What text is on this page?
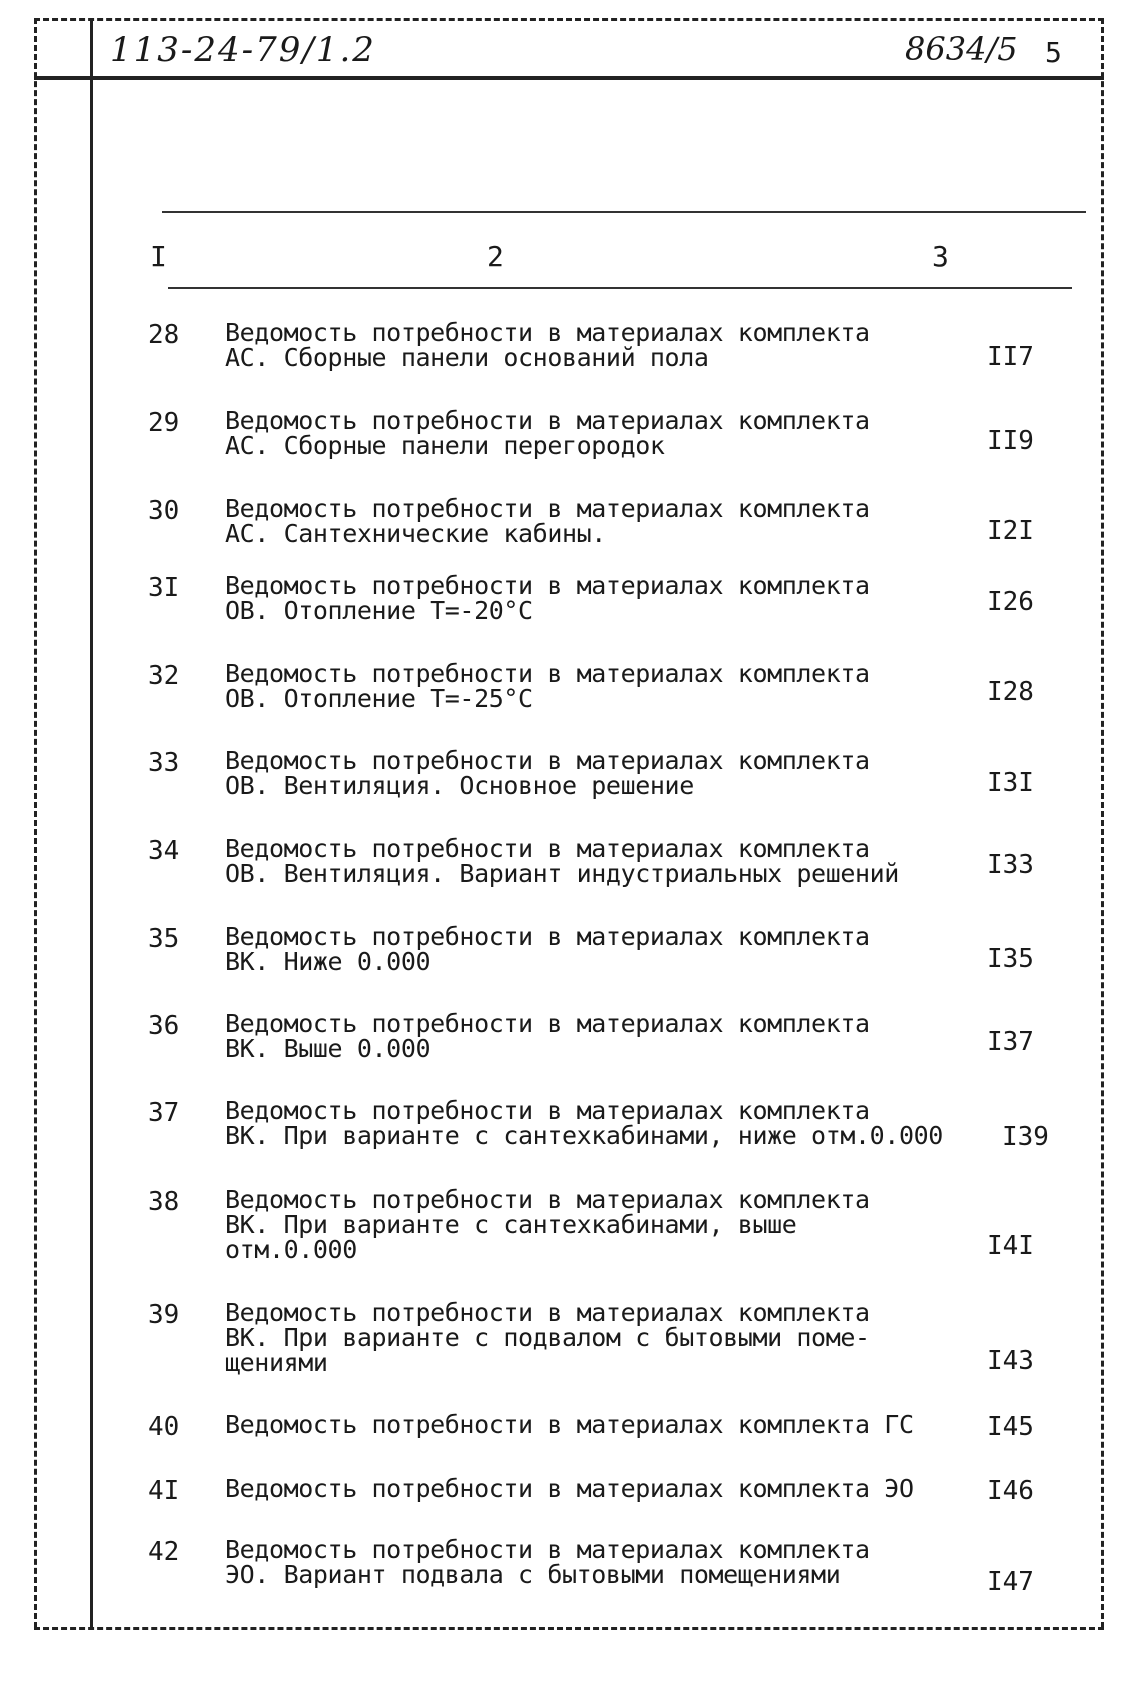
113-24-79/1.2	8634/5 5
I	2	3
28 Ведомость потребности в материалах комплекта
АС. Сборные панели оснований пола	II7
29 Ведомость потребности в материалах комплекта
АС. Сборные панели перегородок	II9
30 Ведомость потребности в материалах комплекта
АС. Сантехнические кабины.	I2I
3I Ведомость потребности в материалах комплекта
ОВ. Отопление T=-20°C	I26
32 Ведомость потребности в материалах комплекта
ОВ. Отопление T=-25°C	I28
33 Ведомость потребности в материалах комплекта
ОВ. Вентиляция. Основное решение	I3I
34 Ведомость потребности в материалах комплекта
ОВ. Вентиляция. Вариант индустриальных решений	I33
35 Ведомость потребности в материалах комплекта
ВК. Ниже 0.000	I35
36 Ведомость потребности в материалах комплекта
ВК. Выше 0.000	I37
37 Ведомость потребности в материалах комплекта
ВК. При варианте с сантехкабинами, ниже отм.0.000	I39
38 Ведомость потребности в материалах комплекта
ВК. При варианте с сантехкабинами, выше
отм.0.000	I4I
39 Ведомость потребности в материалах комплекта
ВК. При варианте с подвалом с бытовыми поме-
щениями	I43
40 Ведомость потребности в материалах комплекта ГС	I45
4I Ведомость потребности в материалах комплекта ЭО	I46
42 Ведомость потребности в материалах комплекта
ЭО. Вариант подвала с бытовыми помещениями	I47
